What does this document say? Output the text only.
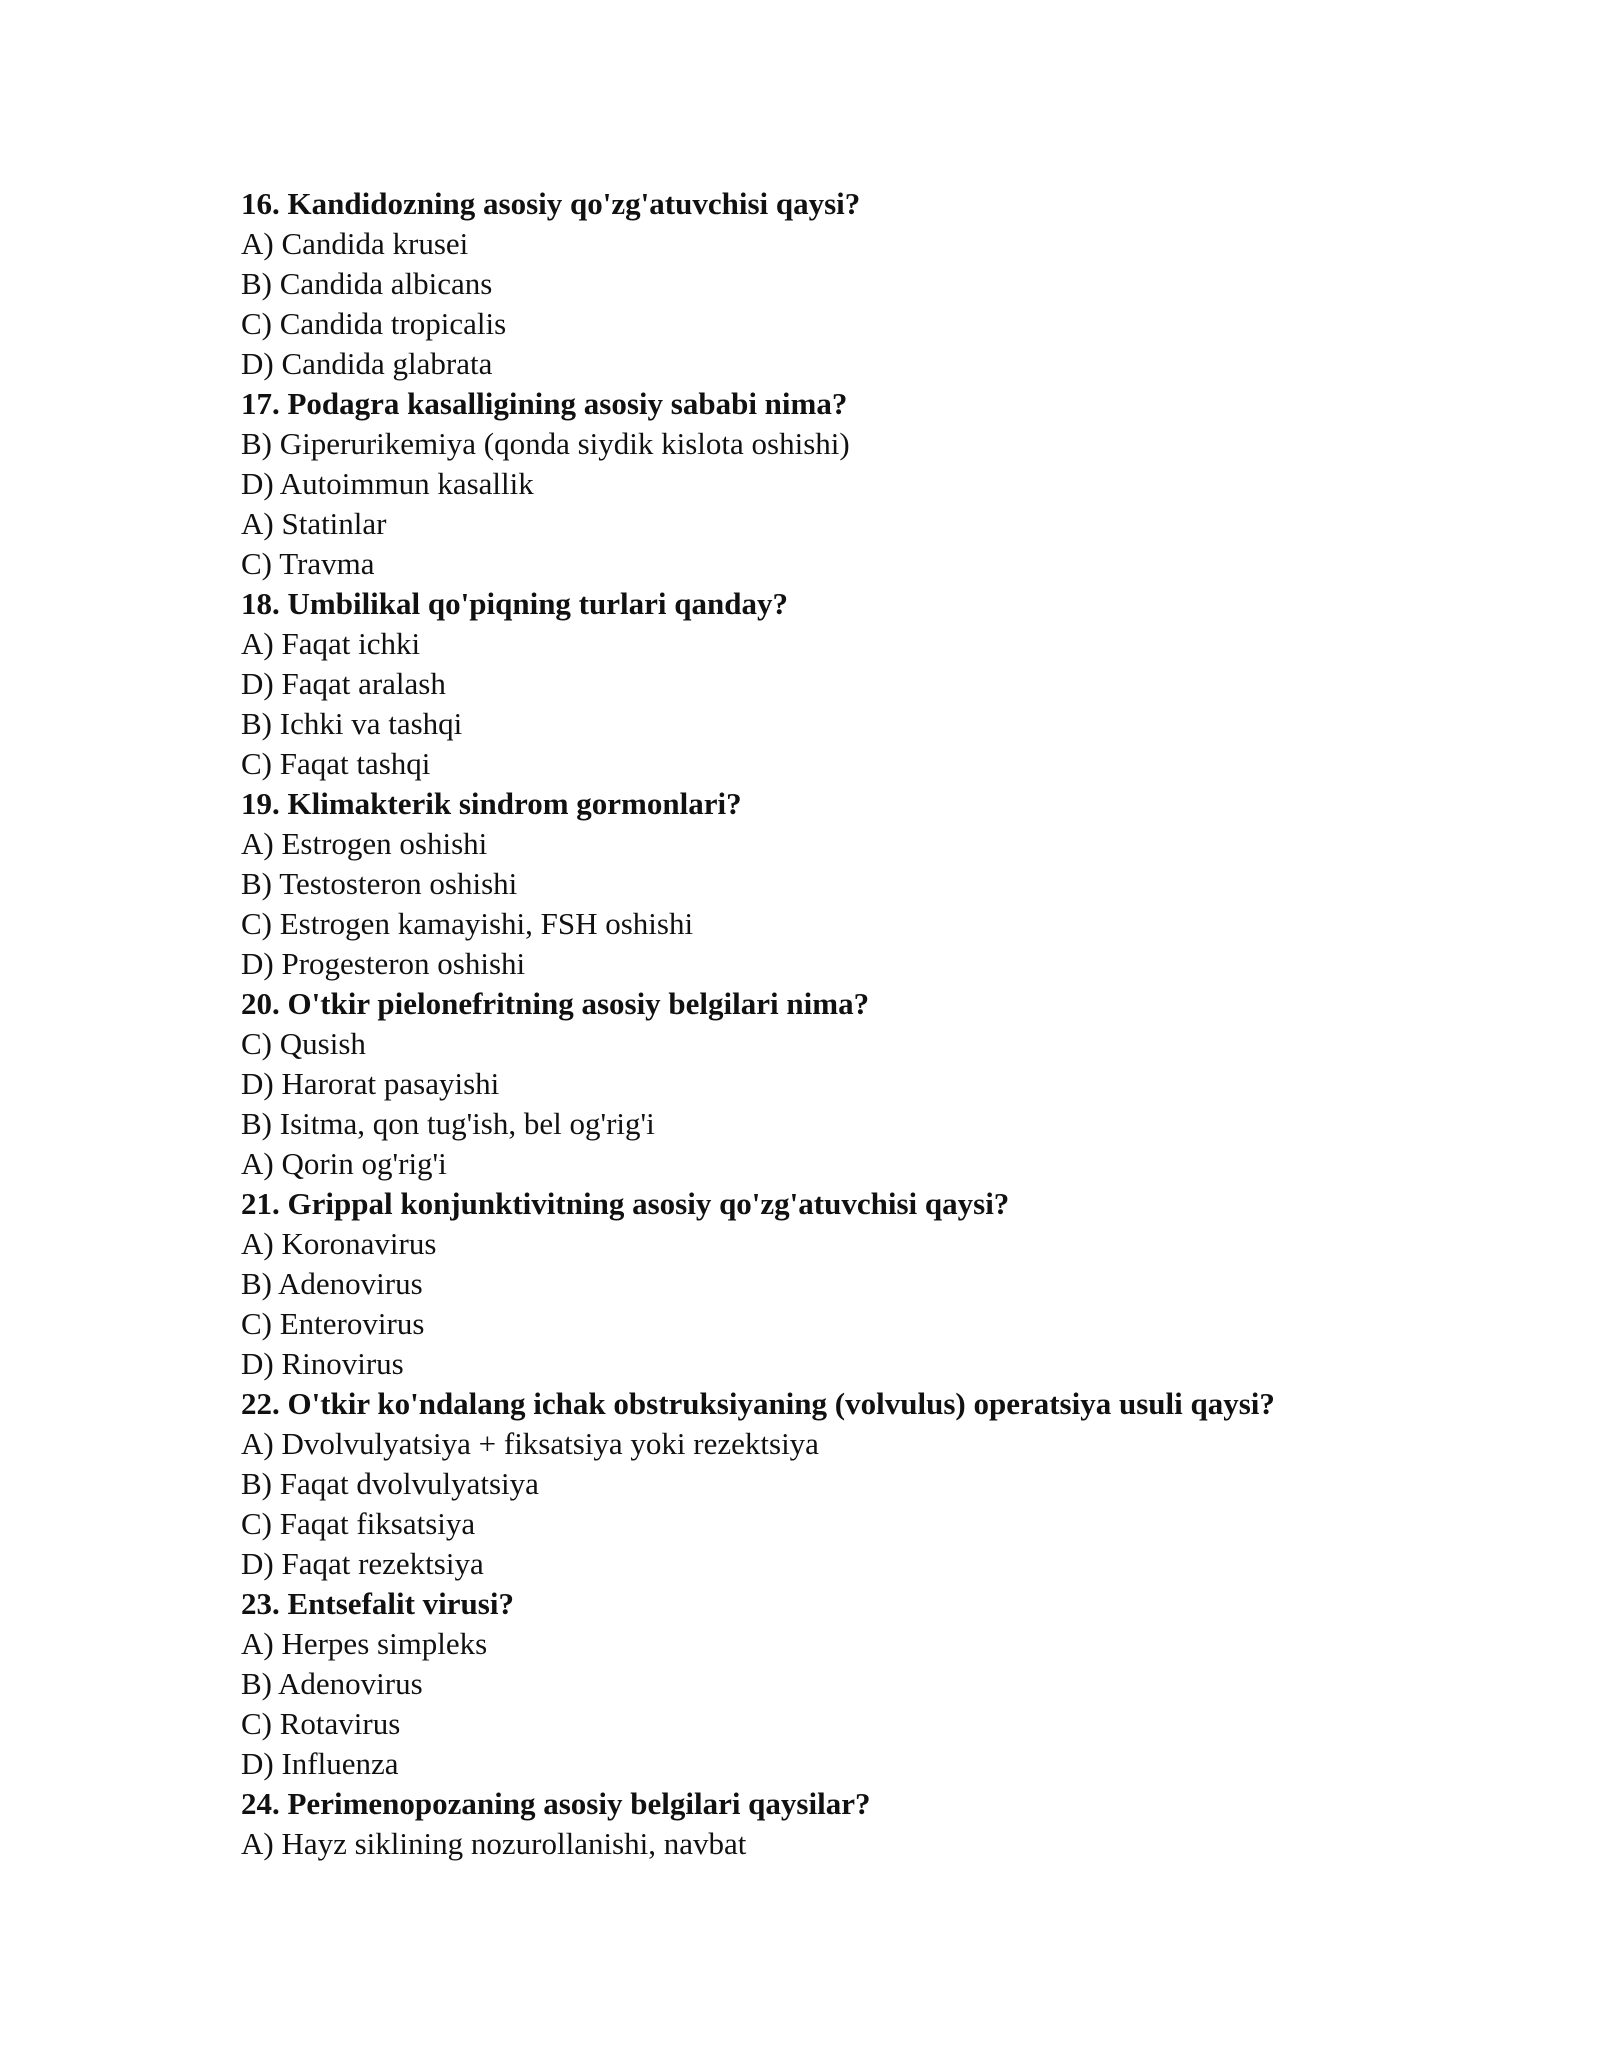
16. Kandidozning asosiy qo'zg'atuvchisi qaysi?
A) Candida krusei
B) Candida albicans
C) Candida tropicalis
D) Candida glabrata
17. Podagra kasalligining asosiy sababi nima?
B) Giperurikemiya (qonda siydik kislota oshishi)
D) Autoimmun kasallik
A) Statinlar
C) Travma
18. Umbilikal qo'piqning turlari qanday?
A) Faqat ichki
D) Faqat aralash
B) Ichki va tashqi
C) Faqat tashqi
19. Klimakterik sindrom gormonlari?
A) Estrogen oshishi
B) Testosteron oshishi
C) Estrogen kamayishi, FSH oshishi
D) Progesteron oshishi
20. O'tkir pielonefritning asosiy belgilari nima?
C) Qusish
D) Harorat pasayishi
B) Isitma, qon tug'ish, bel og'rig'i
A) Qorin og'rig'i
21. Grippal konjunktivitning asosiy qo'zg'atuvchisi qaysi?
A) Koronavirus
B) Adenovirus
C) Enterovirus
D) Rinovirus
22. O'tkir ko'ndalang ichak obstruksiyaning (volvulus) operatsiya usuli qaysi?
A) Dvolvulyatsiya + fiksatsiya yoki rezektsiya
B) Faqat dvolvulyatsiya
C) Faqat fiksatsiya
D) Faqat rezektsiya
23. Entsefalit virusi?
A) Herpes simpleks
B) Adenovirus
C) Rotavirus
D) Influenza
24. Perimenopozaning asosiy belgilari qaysilar?
A) Hayz siklining nozurollanishi, navbat
